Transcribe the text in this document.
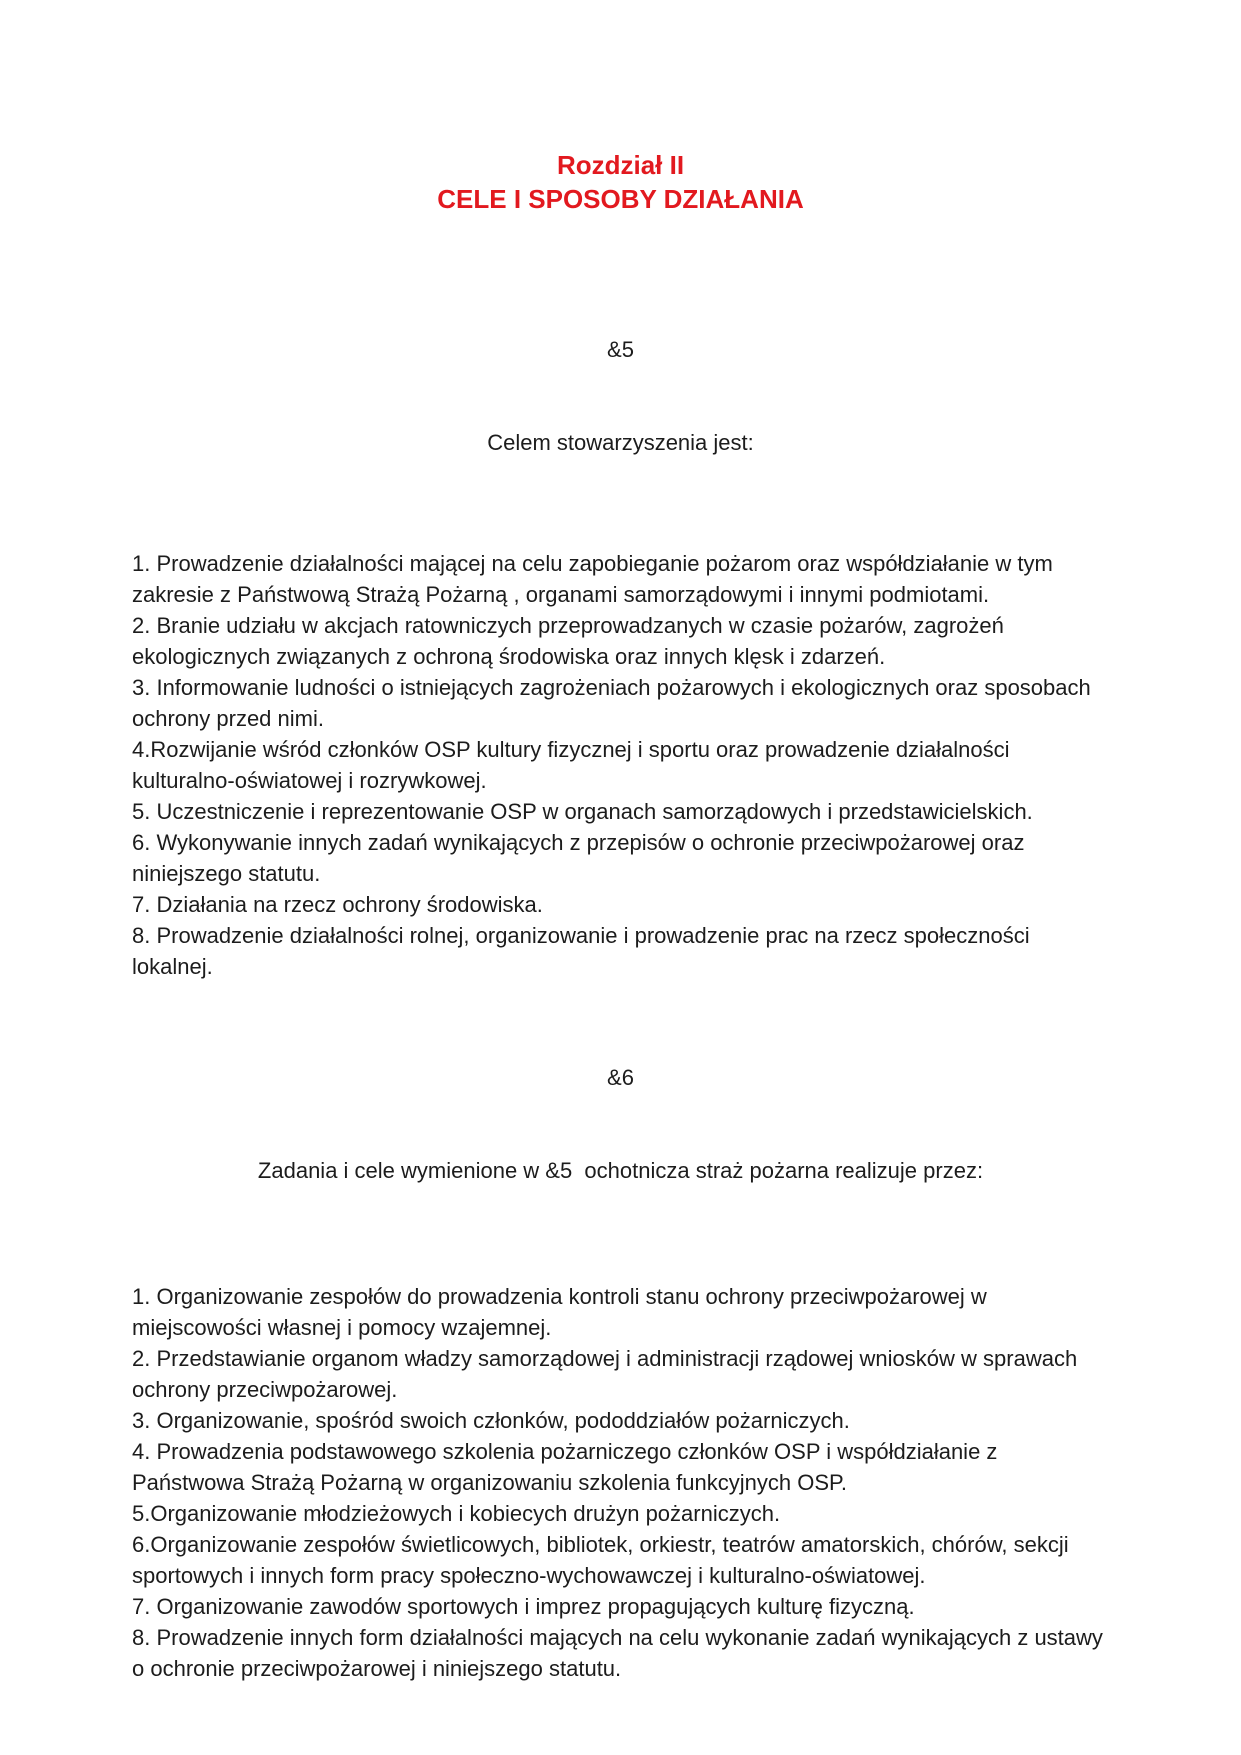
Rozdział II
CELE I SPOSOBY DZIAŁANIA

&5

Celem stowarzyszenia jest:

1. Prowadzenie działalności mającej na celu zapobieganie pożarom oraz współdziałanie w tym zakresie z Państwową Strażą Pożarną , organami samorządowymi i innymi podmiotami.

2. Branie udziału w akcjach ratowniczych przeprowadzanych w czasie pożarów, zagrożeń ekologicznych związanych z ochroną środowiska oraz innych klęsk i zdarzeń.

3. Informowanie ludności o istniejących zagrożeniach pożarowych i ekologicznych oraz sposobach ochrony przed nimi.

4.Rozwijanie wśród członków OSP kultury fizycznej i sportu oraz prowadzenie działalności kulturalno-oświatowej i rozrywkowej.

5. Uczestniczenie i reprezentowanie OSP w organach samorządowych i przedstawicielskich.

6. Wykonywanie innych zadań wynikających z przepisów o ochronie przeciwpożarowej oraz niniejszego statutu.

7. Działania na rzecz ochrony środowiska.

8. Prowadzenie działalności rolnej, organizowanie i prowadzenie prac na rzecz społeczności lokalnej.

&6

Zadania i cele wymienione w &5  ochotnicza straż pożarna realizuje przez:

1. Organizowanie zespołów do prowadzenia kontroli stanu ochrony przeciwpożarowej w miejscowości własnej i pomocy wzajemnej.

2. Przedstawianie organom władzy samorządowej i administracji rządowej wniosków w sprawach ochrony przeciwpożarowej.

3. Organizowanie, spośród swoich członków, pododdziałów pożarniczych.

4. Prowadzenia podstawowego szkolenia pożarniczego członków OSP i współdziałanie z Państwowa Strażą Pożarną w organizowaniu szkolenia funkcyjnych OSP.

5.Organizowanie młodzieżowych i kobiecych drużyn pożarniczych.

6.Organizowanie zespołów świetlicowych, bibliotek, orkiestr, teatrów amatorskich, chórów, sekcji sportowych i innych form pracy społeczno-wychowawczej i kulturalno-oświatowej.

7. Organizowanie zawodów sportowych i imprez propagujących kulturę fizyczną.

8. Prowadzenie innych form działalności mających na celu wykonanie zadań wynikających z ustawy o ochronie przeciwpożarowej i niniejszego statutu.
